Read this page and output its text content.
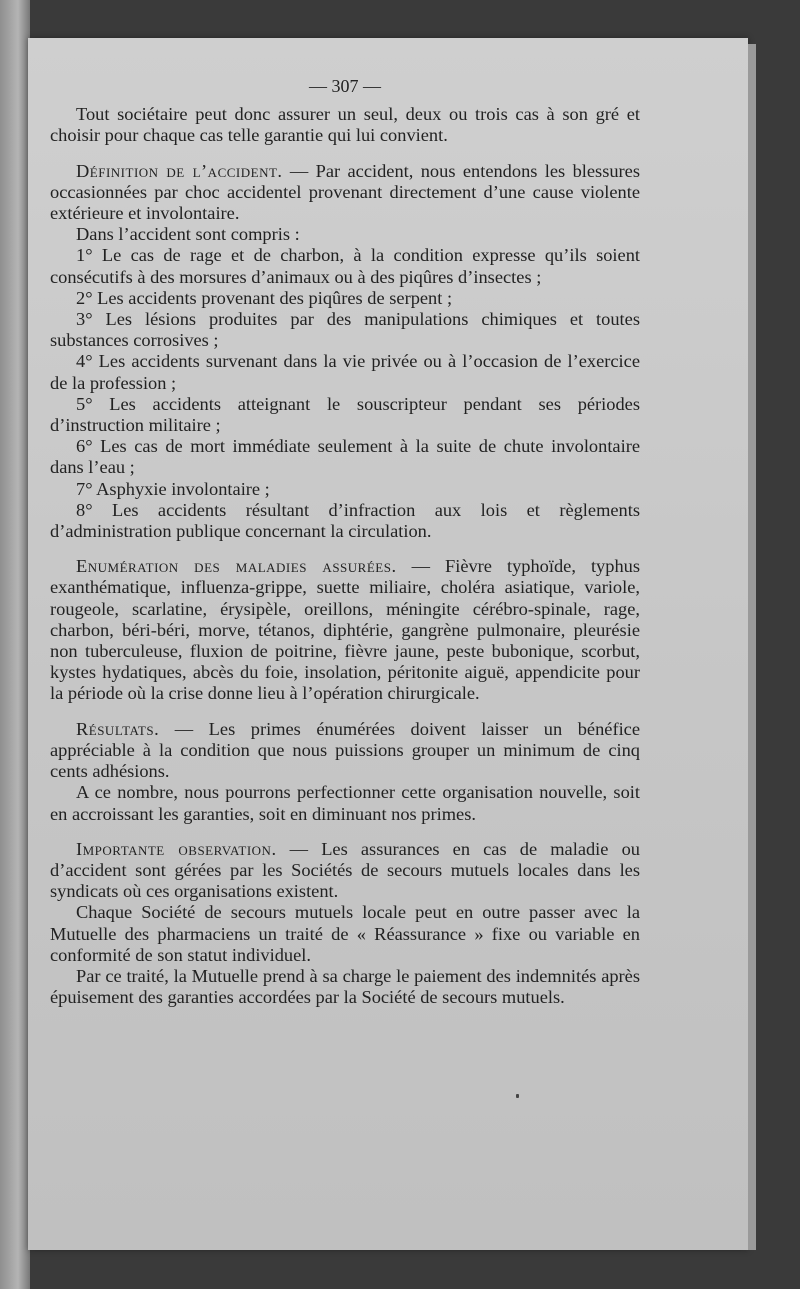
— 307 —

Tout sociétaire peut donc assurer un seul, deux ou trois cas à son gré et choisir pour chaque cas telle garantie qui lui convient.

Définition de l’accident. — Par accident, nous entendons les blessures occasionnées par choc accidentel provenant directement d’une cause violente extérieure et involontaire.

Dans l’accident sont compris :

1° Le cas de rage et de charbon, à la condition expresse qu’ils soient consécutifs à des morsures d’animaux ou à des piqûres d’insectes ;

2° Les accidents provenant des piqûres de serpent ;

3° Les lésions produites par des manipulations chimiques et toutes substances corrosives ;

4° Les accidents survenant dans la vie privée ou à l’occasion de l’exercice de la profession ;

5° Les accidents atteignant le souscripteur pendant ses périodes d’instruction militaire ;

6° Les cas de mort immédiate seulement à la suite de chute involontaire dans l’eau ;

7° Asphyxie involontaire ;

8° Les accidents résultant d’infraction aux lois et règlements d’administration publique concernant la circulation.

Enumération des maladies assurées. — Fièvre typhoïde, typhus exanthématique, influenza-grippe, suette miliaire, choléra asiatique, variole, rougeole, scarlatine, érysipèle, oreillons, méningite cérébro-spinale, rage, charbon, béri-béri, morve, tétanos, diphtérie, gangrène pulmonaire, pleurésie non tuberculeuse, fluxion de poitrine, fièvre jaune, peste bubonique, scorbut, kystes hydatiques, abcès du foie, insolation, péritonite aiguë, appendicite pour la période où la crise donne lieu à l’opération chirurgicale.

Résultats. — Les primes énumérées doivent laisser un bénéfice appréciable à la condition que nous puissions grouper un minimum de cinq cents adhésions.

A ce nombre, nous pourrons perfectionner cette organisation nouvelle, soit en accroissant les garanties, soit en diminuant nos primes.

Importante observation. — Les assurances en cas de maladie ou d’accident sont gérées par les Sociétés de secours mutuels locales dans les syndicats où ces organisations existent.

Chaque Société de secours mutuels locale peut en outre passer avec la Mutuelle des pharmaciens un traité de « Réassurance » fixe ou variable en conformité de son statut individuel.

Par ce traité, la Mutuelle prend à sa charge le paiement des indemnités après épuisement des garanties accordées par la Société de secours mutuels.
